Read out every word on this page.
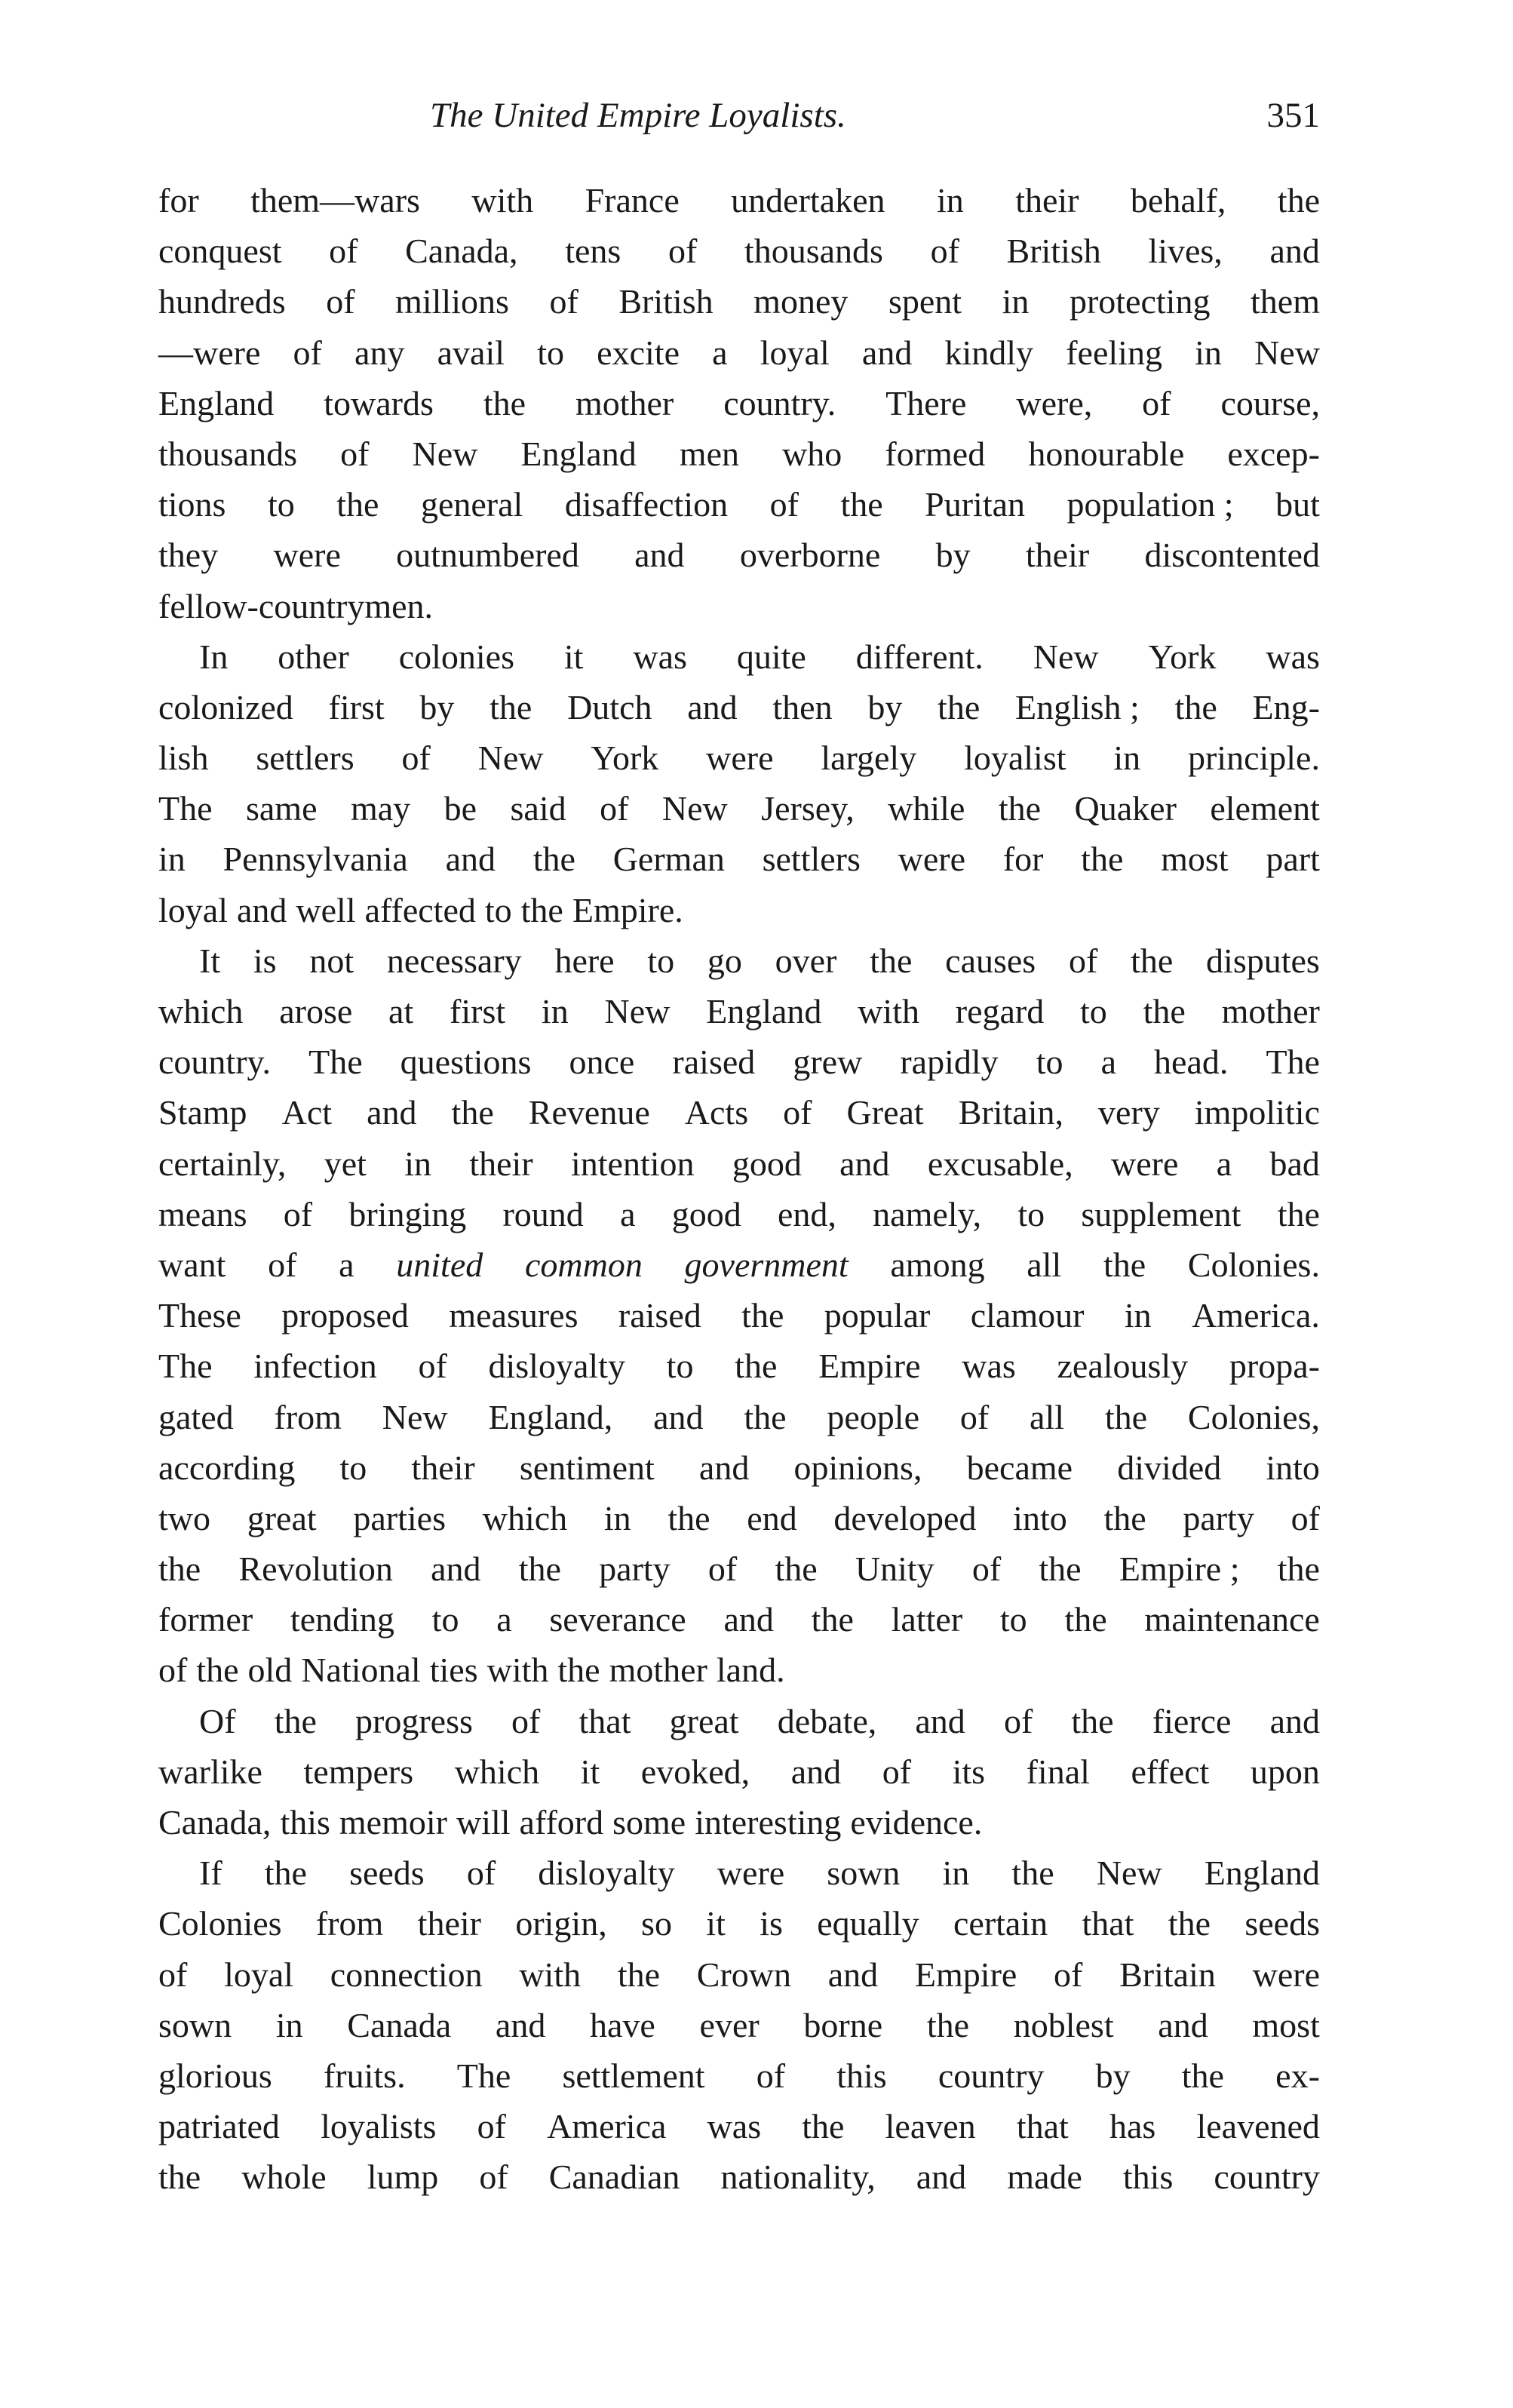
The United Empire Loyalists.	351
for them—wars with France undertaken in their behalf, the
conquest of Canada, tens of thousands of British lives, and
hundreds of millions of British money spent in protecting them
—were of any avail to excite a loyal and kindly feeling in New
England towards the mother country. There were, of course,
thousands of New England men who formed honourable excep-
tions to the general disaffection of the Puritan population ; but
they were outnumbered and overborne by their discontented
fellow-countrymen.
In other colonies it was quite different. New York was
colonized first by the Dutch and then by the English ; the Eng-
lish settlers of New York were largely loyalist in principle.
The same may be said of New Jersey, while the Quaker element
in Pennsylvania and the German settlers were for the most part
loyal and well affected to the Empire.
It is not necessary here to go over the causes of the disputes
which arose at first in New England with regard to the mother
country. The questions once raised grew rapidly to a head. The
Stamp Act and the Revenue Acts of Great Britain, very impolitic
certainly, yet in their intention good and excusable, were a bad
means of bringing round a good end, namely, to supplement the
want of a united common government among all the Colonies.
These proposed measures raised the popular clamour in America.
The infection of disloyalty to the Empire was zealously propa-
gated from New England, and the people of all the Colonies,
according to their sentiment and opinions, became divided into
two great parties which in the end developed into the party of
the Revolution and the party of the Unity of the Empire ; the
former tending to a severance and the latter to the maintenance
of the old National ties with the mother land.
Of the progress of that great debate, and of the fierce and
warlike tempers which it evoked, and of its final effect upon
Canada, this memoir will afford some interesting evidence.
If the seeds of disloyalty were sown in the New England
Colonies from their origin, so it is equally certain that the seeds
of loyal connection with the Crown and Empire of Britain were
sown in Canada and have ever borne the noblest and most
glorious fruits. The settlement of this country by the ex-
patriated loyalists of America was the leaven that has leavened
the whole lump of Canadian nationality, and made this country
